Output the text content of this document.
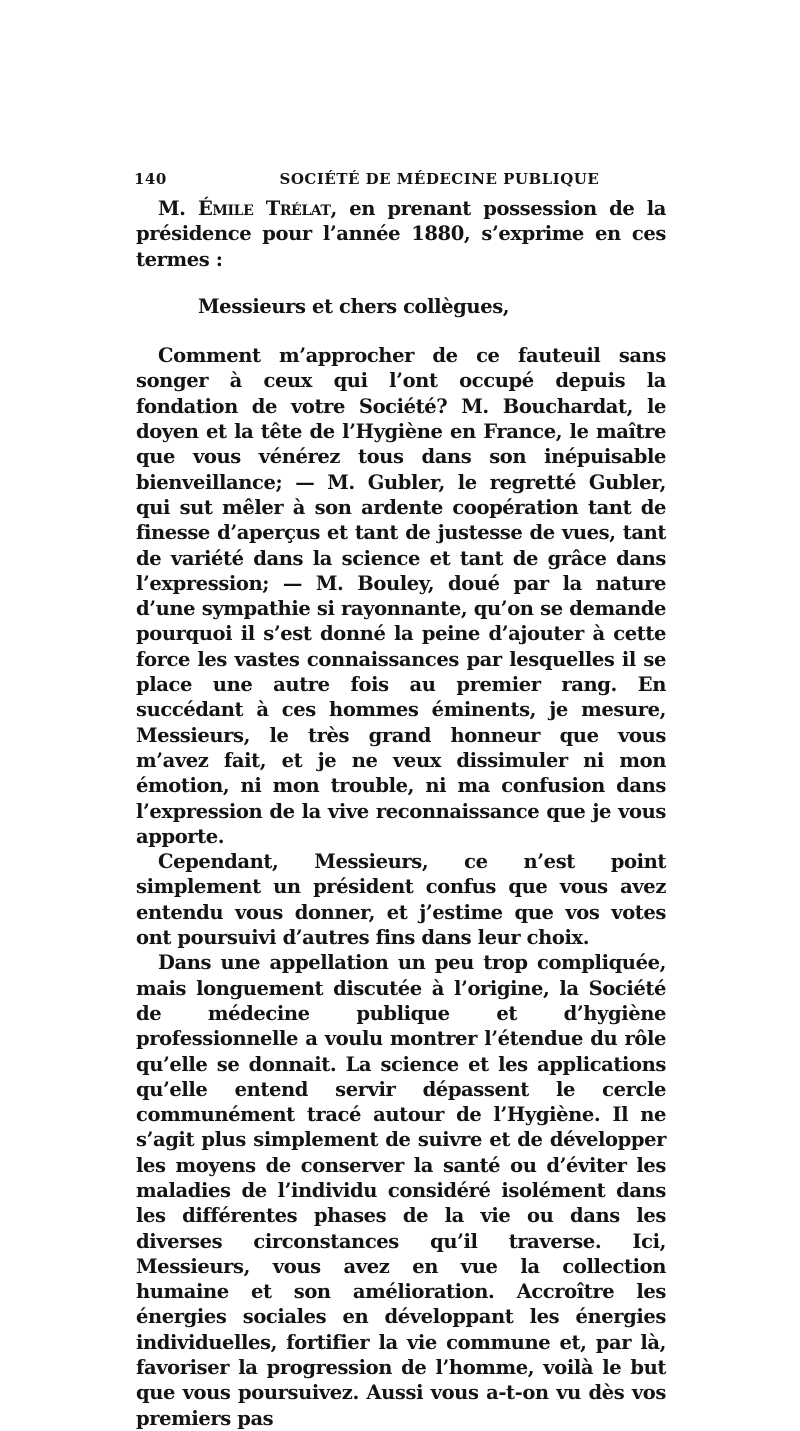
140	SOCIÉTÉ DE MÉDECINE PUBLIQUE

M. Émile Trélat, en prenant possession de la présidence pour l’année 1880, s’exprime en ces termes :

Messieurs et chers collègues,

Comment m’approcher de ce fauteuil sans songer à ceux qui l’ont occupé depuis la fondation de votre Société? M. Bouchardat, le doyen et la tête de l’Hygiène en France, le maître que vous vénérez tous dans son inépuisable bienveillance; — M. Gubler, le regretté Gubler, qui sut mêler à son ardente coopération tant de finesse d’aperçus et tant de justesse de vues, tant de variété dans la science et tant de grâce dans l’expression; — M. Bouley, doué par la nature d’une sympathie si rayonnante, qu’on se demande pourquoi il s’est donné la peine d’ajouter à cette force les vastes connaissances par lesquelles il se place une autre fois au premier rang. En succédant à ces hommes éminents, je mesure, Messieurs, le très grand honneur que vous m’avez fait, et je ne veux dissimuler ni mon émotion, ni mon trouble, ni ma confusion dans l’expression de la vive reconnaissance que je vous apporte.

Cependant, Messieurs, ce n’est point simplement un président confus que vous avez entendu vous donner, et j’estime que vos votes ont poursuivi d’autres fins dans leur choix.

Dans une appellation un peu trop compliquée, mais longuement discutée à l’origine, la Société de médecine publique et d’hygiène professionnelle a voulu montrer l’étendue du rôle qu’elle se donnait. La science et les applications qu’elle entend servir dépassent le cercle communément tracé autour de l’Hygiène. Il ne s’agit plus simplement de suivre et de développer les moyens de conserver la santé ou d’éviter les maladies de l’individu considéré isolément dans les différentes phases de la vie ou dans les diverses circonstances qu’il traverse. Ici, Messieurs, vous avez en vue la collection humaine et son amélioration. Accroître les énergies sociales en développant les énergies individuelles, fortifier la vie commune et, par là, favoriser la progression de l’homme, voilà le but que vous poursuivez. Aussi vous a-t-on vu dès vos premiers pas
